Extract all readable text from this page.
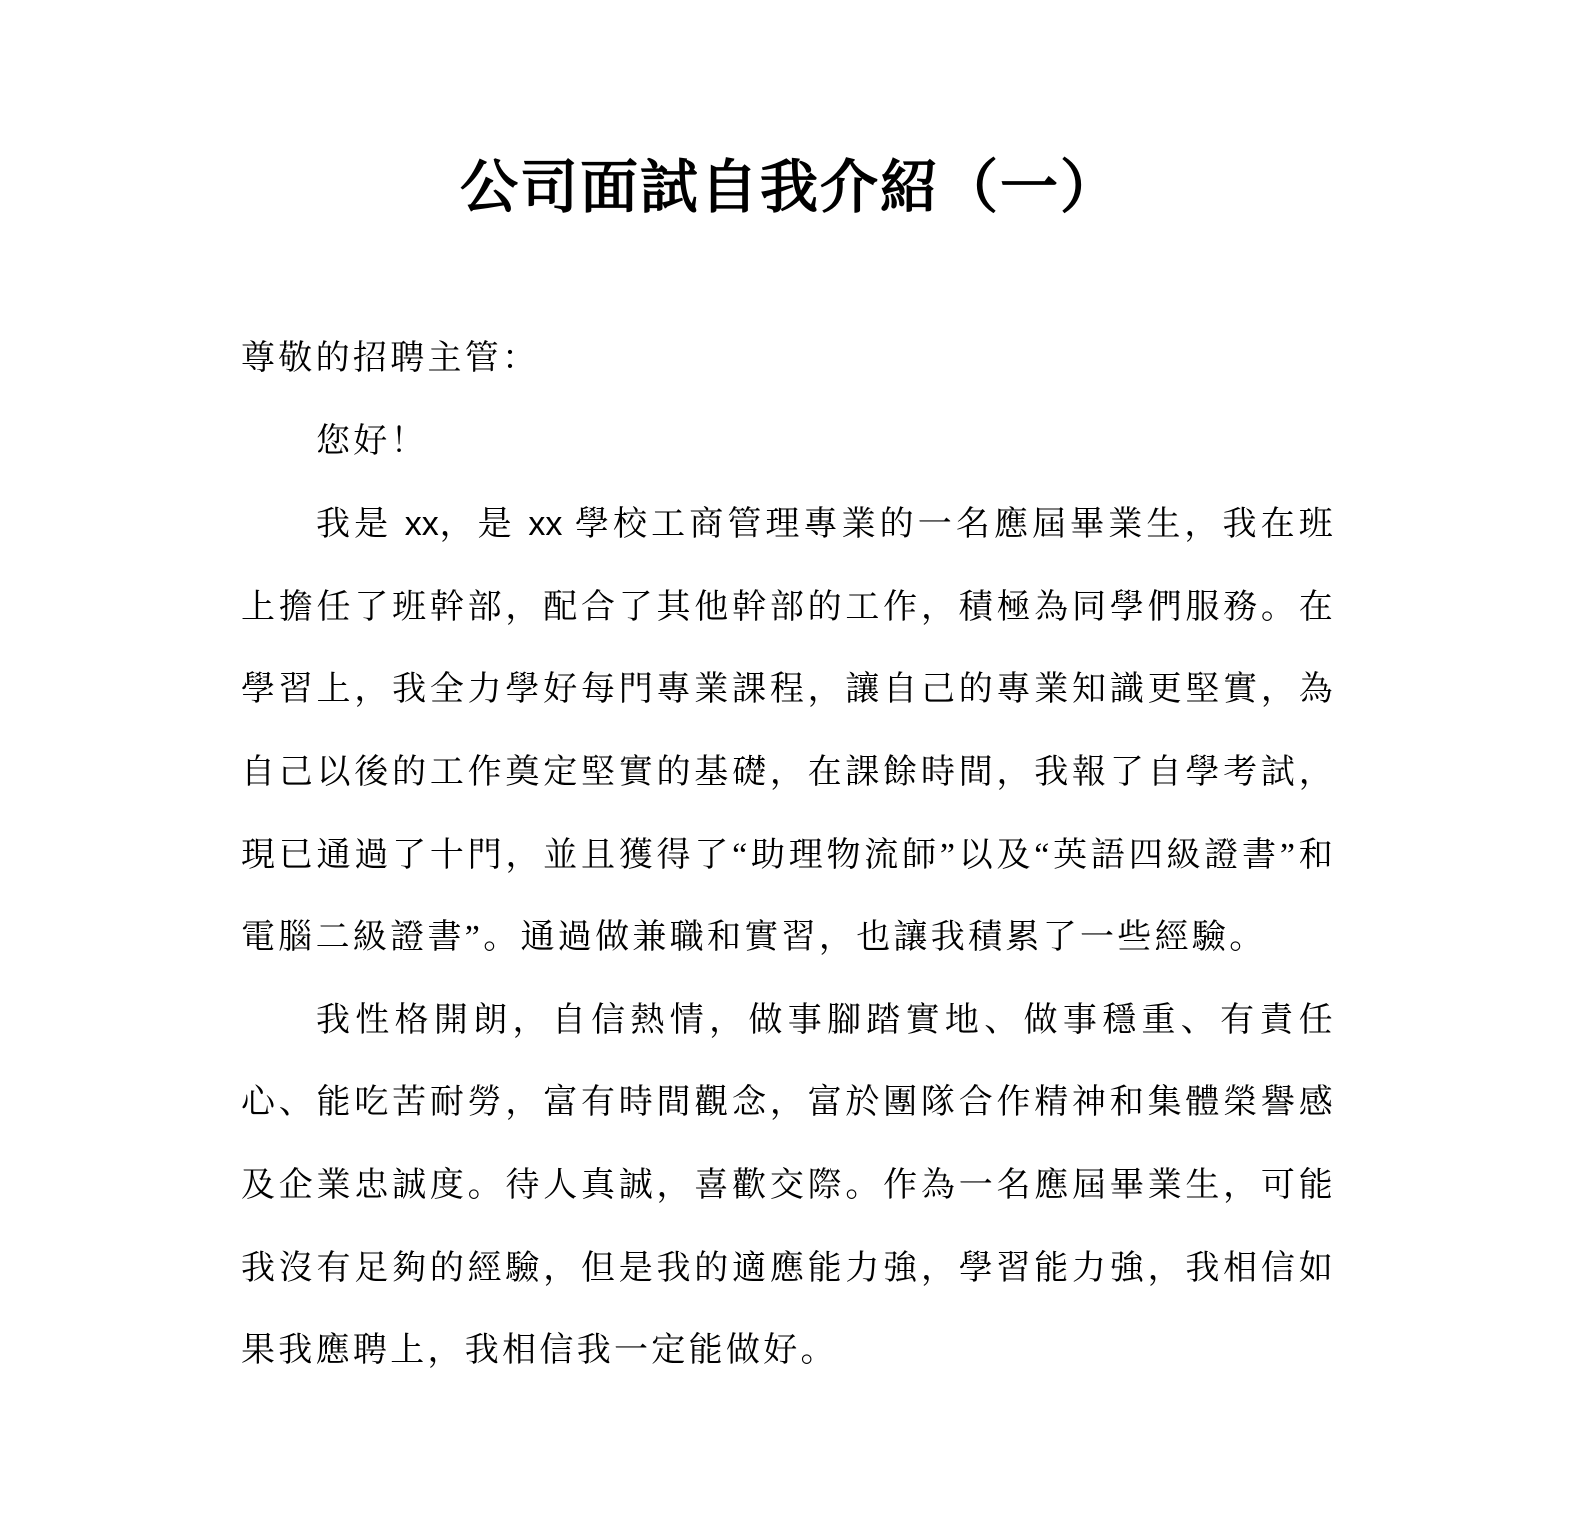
公司面試自我介紹（一）

尊敬的招聘主管：

您好！

我是 xx，是 xx 學校工商管理專業的一名應屆畢業生，我在班上擔任了班幹部，配合了其他幹部的工作，積極為同學們服務。在學習上，我全力學好每門專業課程，讓自己的專業知識更堅實，為自己以後的工作奠定堅實的基礎，在課餘時間，我報了自學考試，現已通過了十門，並且獲得了“助理物流師”以及“英語四級證書”和電腦二級證書”。通過做兼職和實習，也讓我積累了一些經驗。

我性格開朗，自信熱情，做事腳踏實地、做事穩重、有責任心、能吃苦耐勞，富有時間觀念，富於團隊合作精神和集體榮譽感及企業忠誠度。待人真誠，喜歡交際。作為一名應屆畢業生，可能我沒有足夠的經驗，但是我的適應能力強，學習能力強，我相信如果我應聘上，我相信我一定能做好。
